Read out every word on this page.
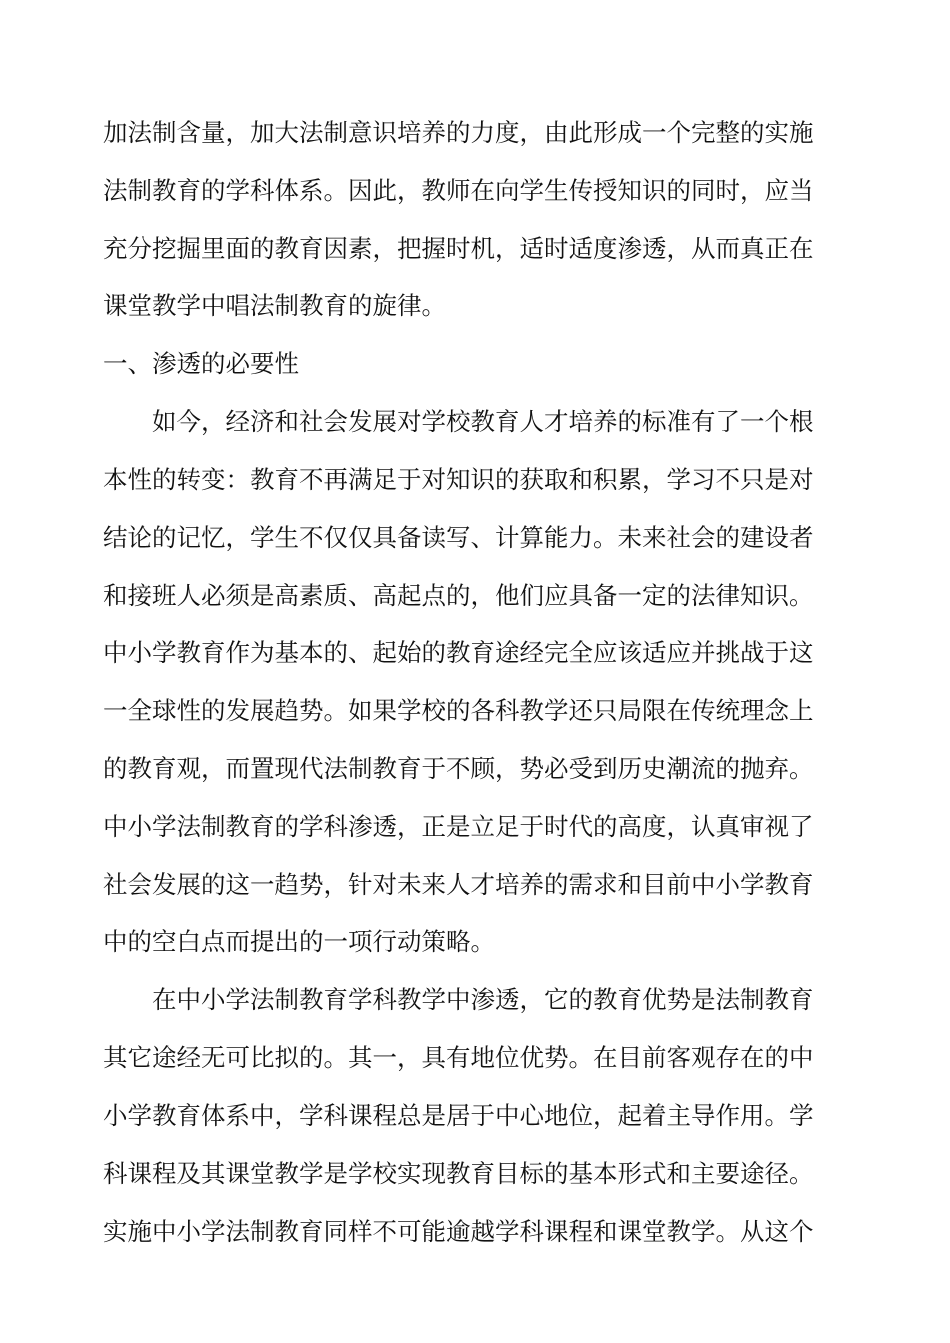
加法制含量，加大法制意识培养的力度，由此形成一个完整的实施
法制教育的学科体系。因此，教师在向学生传授知识的同时，应当
充分挖掘里面的教育因素，把握时机，适时适度渗透，从而真正在
课堂教学中唱法制教育的旋律。
一、渗透的必要性
如今，经济和社会发展对学校教育人才培养的标准有了一个根
本性的转变：教育不再满足于对知识的获取和积累，学习不只是对
结论的记忆，学生不仅仅具备读写、计算能力。未来社会的建设者
和接班人必须是高素质、高起点的，他们应具备一定的法律知识。
中小学教育作为基本的、起始的教育途经完全应该适应并挑战于这
一全球性的发展趋势。如果学校的各科教学还只局限在传统理念上
的教育观，而置现代法制教育于不顾，势必受到历史潮流的抛弃。
中小学法制教育的学科渗透，正是立足于时代的高度，认真审视了
社会发展的这一趋势，针对未来人才培养的需求和目前中小学教育
中的空白点而提出的一项行动策略。
在中小学法制教育学科教学中渗透，它的教育优势是法制教育
其它途经无可比拟的。其一，具有地位优势。在目前客观存在的中
小学教育体系中，学科课程总是居于中心地位，起着主导作用。学
科课程及其课堂教学是学校实现教育目标的基本形式和主要途径。
实施中小学法制教育同样不可能逾越学科课程和课堂教学。从这个
